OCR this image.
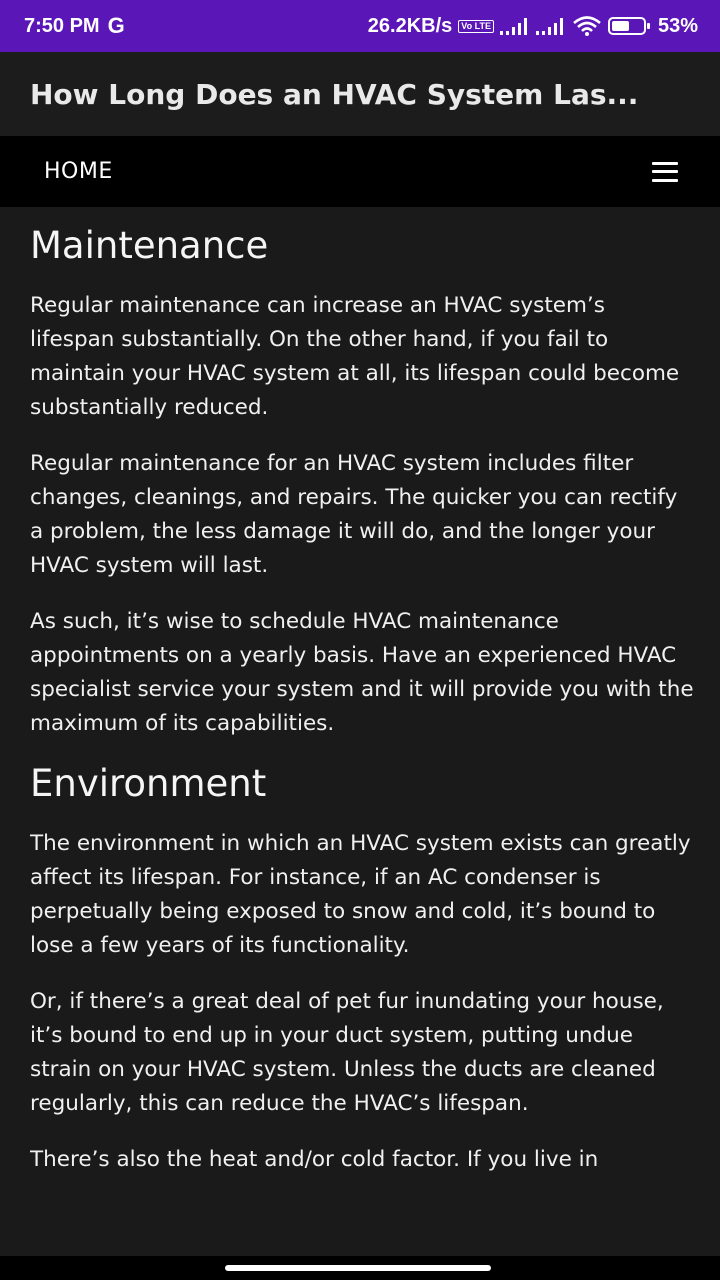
7:50 PM G	26.2KB/s	Vo LTE	53%
How Long Does an HVAC System Las...
HOME
Maintenance

Regular maintenance can increase an HVAC system’s lifespan substantially. On the other hand, if you fail to maintain your HVAC system at all, its lifespan could become substantially reduced.

Regular maintenance for an HVAC system includes filter changes, cleanings, and repairs. The quicker you can rectify a problem, the less damage it will do, and the longer your HVAC system will last.

As such, it’s wise to schedule HVAC maintenance appointments on a yearly basis. Have an experienced HVAC specialist service your system and it will provide you with the maximum of its capabilities.

Environment

The environment in which an HVAC system exists can greatly affect its lifespan. For instance, if an AC condenser is perpetually being exposed to snow and cold, it’s bound to lose a few years of its functionality.

Or, if there’s a great deal of pet fur inundating your house, it’s bound to end up in your duct system, putting undue strain on your HVAC system. Unless the ducts are cleaned regularly, this can reduce the HVAC’s lifespan.

There’s also the heat and/or cold factor. If you live in
